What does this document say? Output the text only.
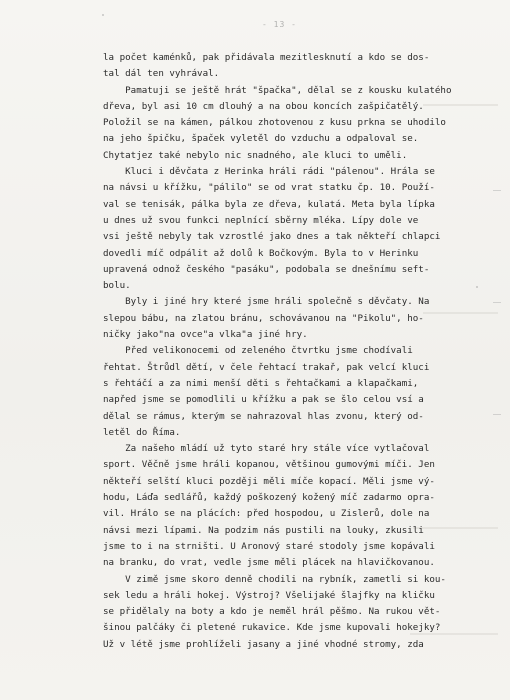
- 13 -
la počet kaménků, pak přidávala mezitlesknutí a kdo se dos-
tal dál ten vyhrával.
Pamatuji se ještě hrát "špačka", dělal se z kousku kulatého
dřeva, byl asi 10 cm dlouhý a na obou koncích zašpičatělý.
Položil se na kámen, pálkou zhotovenou z kusu prkna se uhodilo
na jeho špičku, špaček vyletěl do vzduchu a odpaloval se.
Chytatjez také nebylo nic snadného, ale kluci to uměli.
Kluci i děvčata z Herinka hráli rádi "pálenou". Hrála se
na návsi u křížku, "pálilo" se od vrat statku čp. 10. Použí-
val se tenisák, pálka byla ze dřeva, kulatá. Meta byla lípka
u dnes už svou funkci neplnící sběrny mléka. Lípy dole ve
vsi ještě nebyly tak vzrostlé jako dnes a tak někteří chlapci
dovedli míč odpálit až dolů k Bočkovým. Byla to v Herinku
upravená odnož českého "pasáku", podobala se dnešnímu seft-
bolu.
Byly i jiné hry které jsme hráli společně s děvčaty. Na
slepou bábu, na zlatou bránu, schovávanou na "Pikolu", ho-
ničky jako"na ovce"a vlka"a jiné hry.
Před velikonocemi od zeleného čtvrtku jsme chodívali
řehtat. Štrůdl dětí, v čele řehtací trakař, pak velcí kluci
s řehtáčí a za nimi menší děti s řehtačkami a klapačkami,
napřed jsme se pomodlili u křížku a pak se šlo celou vsí a
dělal se rámus, kterým se nahrazoval hlas zvonu, který od-
letěl do Říma.
Za našeho mládí už tyto staré hry stále více vytlačoval
sport. Věčně jsme hráli kopanou, většinou gumovými míči. Jen
někteří selští kluci později měli míče kopací. Měli jsme vý-
hodu, Láďa sedlářů, každý poškozený kožený míč zadarmo opra-
vil. Hrálo se na plácích: před hospodou, u Zislerů, dole na
návsi mezi lípami. Na podzim nás pustili na louky, zkusili
jsme to i na strništi. U Aronový staré stodoly jsme kopávali
na branku, do vrat, vedle jsme měli plácek na hlavičkovanou.
V zimě jsme skoro denně chodili na rybník, zametli si kou-
sek ledu a hráli hokej. Výstroj? Všelijaké šlajfky na kličku
se přidělaly na boty a kdo je neměl hrál pěšmo. Na rukou vět-
šinou palčáky či pletené rukavice. Kde jsme kupovali hokejky?
Už v létě jsme prohlíželi jasany a jiné vhodné stromy, zda
